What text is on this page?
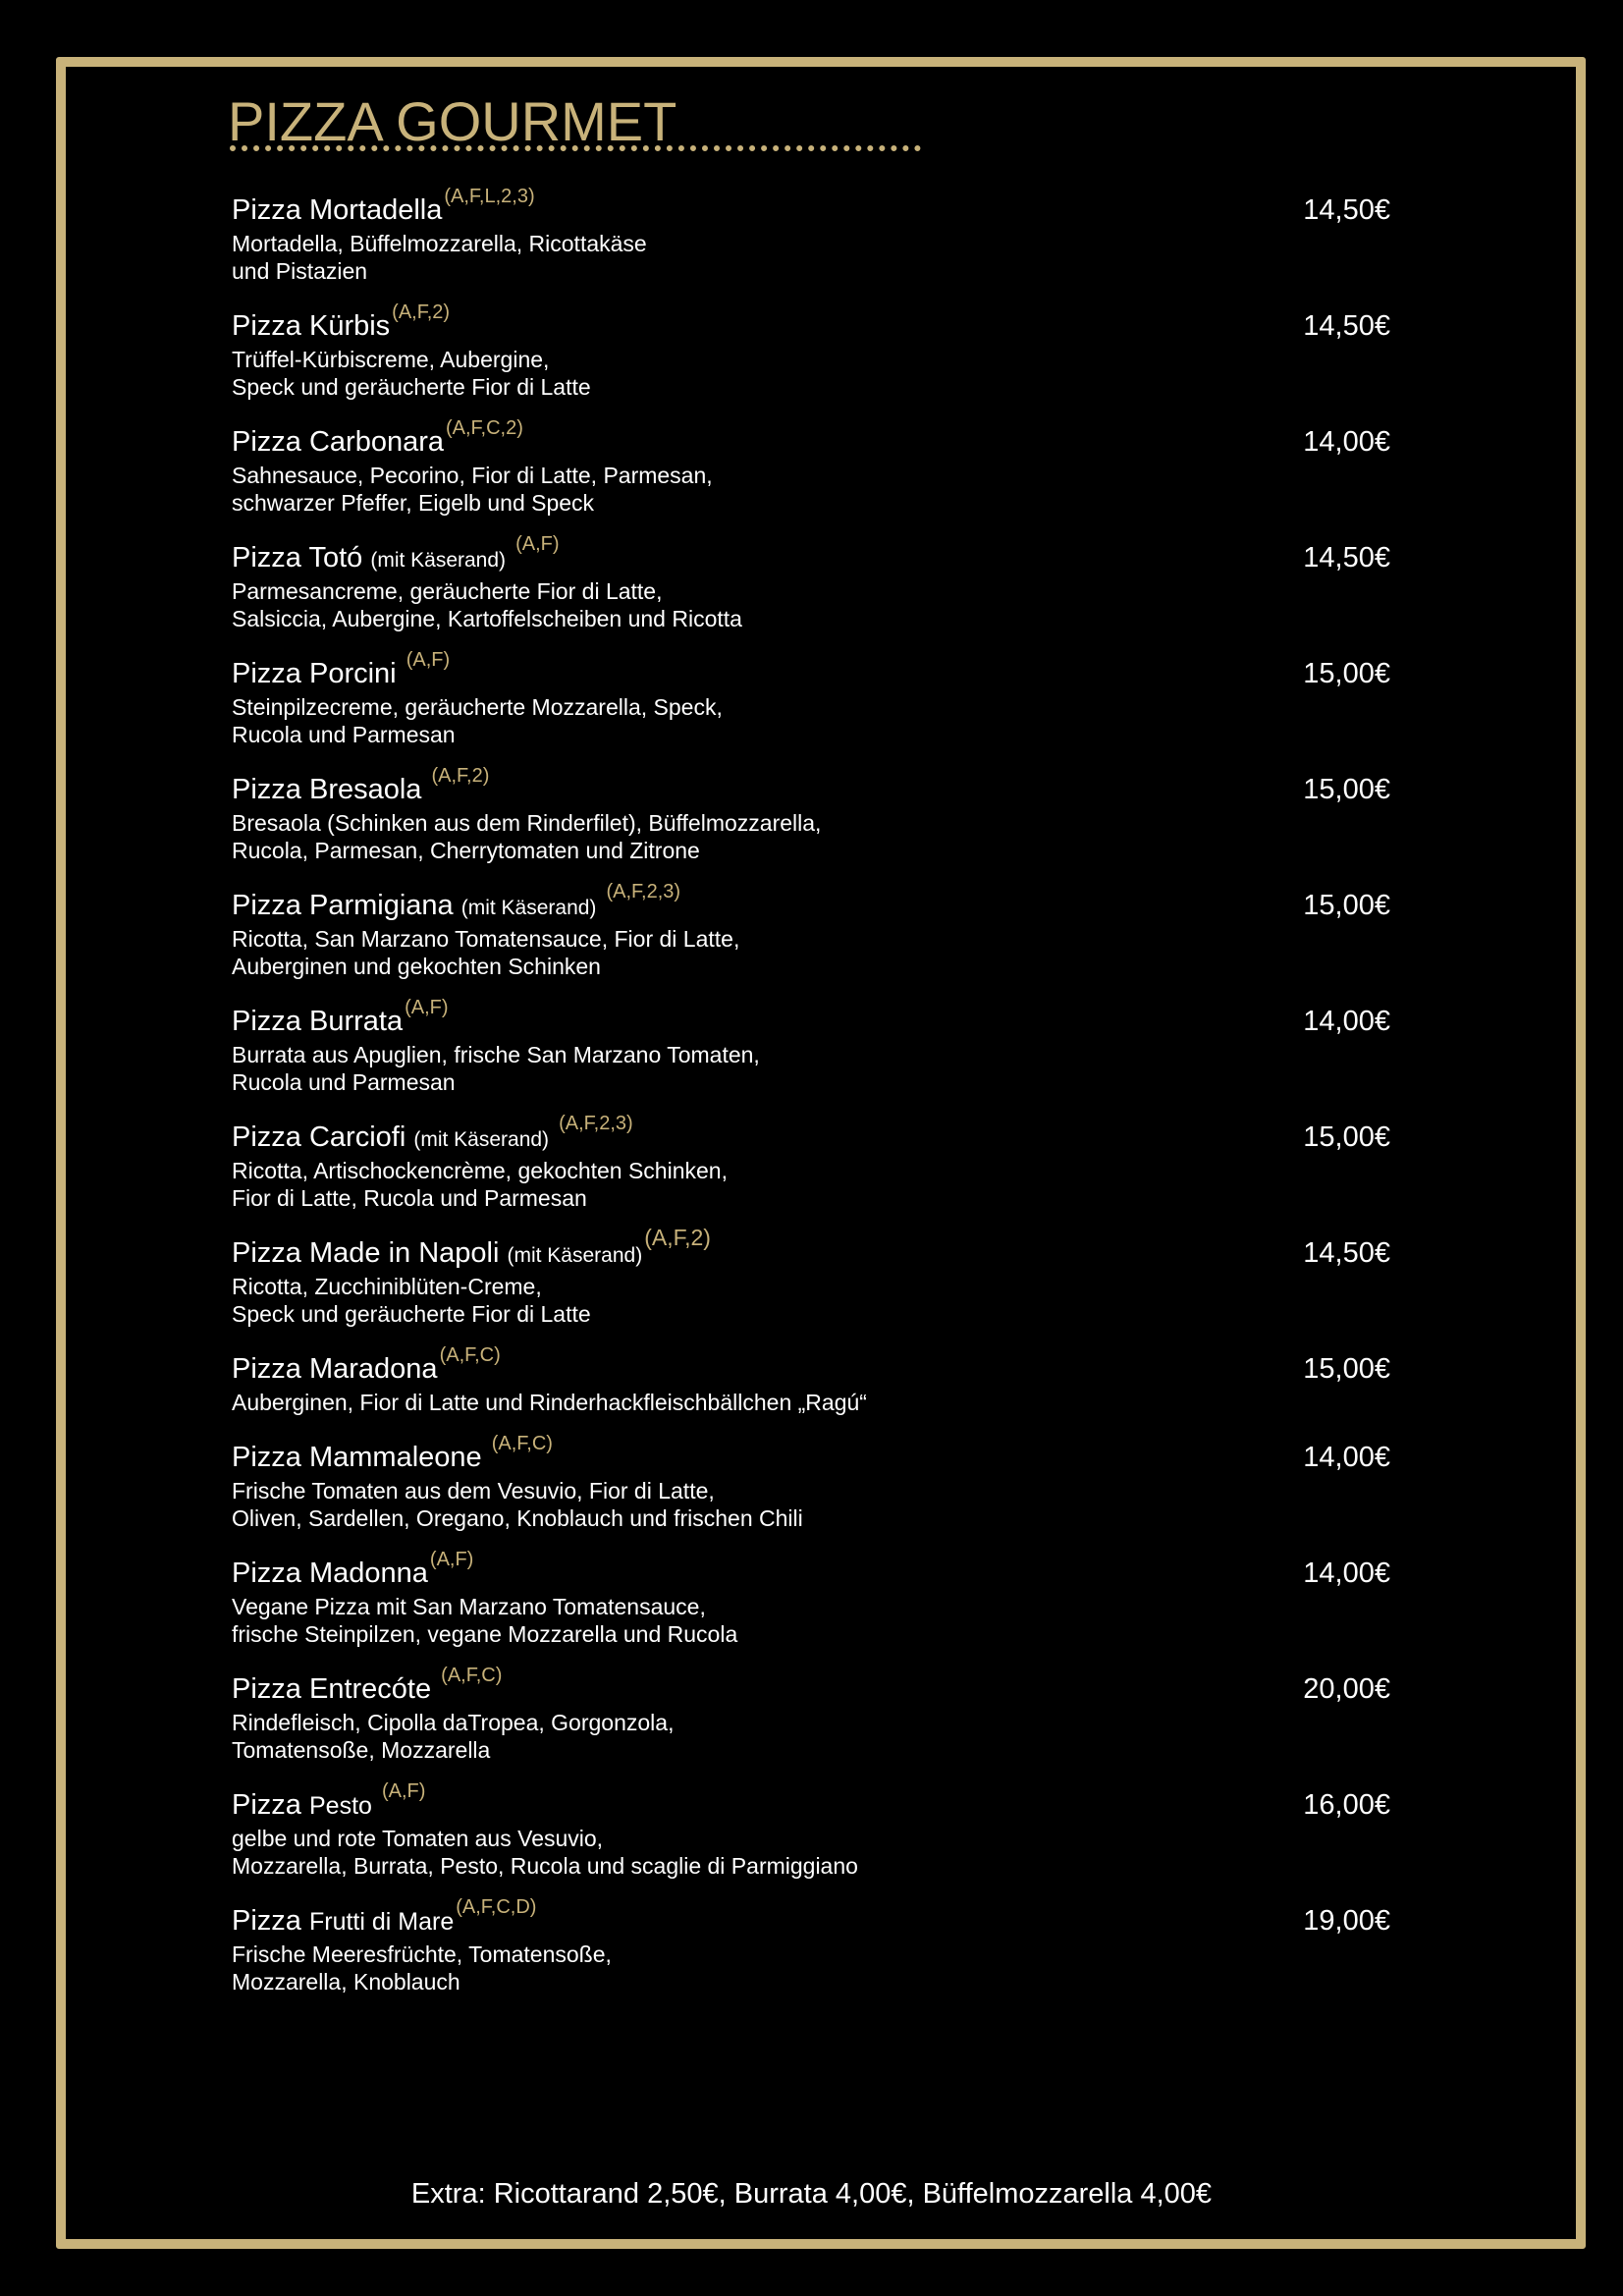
PIZZA GOURMET
Pizza Mortadella $^{(A,F,L,2,3)}$
Mortadella, Büffelmozzarella, Ricottakäse
und Pistazien
14,50€
Pizza Kürbis $^{(A,F,2)}$
Trüffel-Kürbiscreme, Aubergine,
Speck und geräucherte Fior di Latte
14,50€
Pizza Carbonara $^{(A,F,C,2)}$
Sahnesauce, Pecorino, Fior di Latte, Parmesan,
schwarzer Pfeffer, Eigelb und Speck
14,00€
Pizza Totó (mit Käserand) $^{(A,F)}$
Parmesancreme, geräucherte Fior di Latte,
Salsiccia, Aubergine, Kartoffelscheiben und Ricotta
14,50€
Pizza Porcini $^{(A,F)}$
Steinpilzecreme, geräucherte Mozzarella, Speck,
Rucola und Parmesan
15,00€
Pizza Bresaola $^{(A,F,2)}$
Bresaola (Schinken aus dem Rinderfilet), Büffelmozzarella,
Rucola, Parmesan, Cherrytomaten und Zitrone
15,00€
Pizza Parmigiana (mit Käserand) $^{(A,F,2,3)}$
Ricotta, San Marzano Tomatensauce, Fior di Latte,
Auberginen und gekochten Schinken
15,00€
Pizza Burrata $^{(A,F)}$
Burrata aus Apuglien, frische San Marzano Tomaten,
Rucola und Parmesan
14,00€
Pizza Carciofi (mit Käserand) $^{(A,F,2,3)}$
Ricotta, Artischockencrème, gekochten Schinken,
Fior di Latte, Rucola und Parmesan
15,00€
Pizza Made in Napoli (mit Käserand)$^{(A,F,2)}$
Ricotta, Zucchiniblüten-Creme,
Speck und geräucherte Fior di Latte
14,50€
Pizza Maradona $^{(A,F,C)}$
Auberginen, Fior di Latte und Rinderhackfleischbällchen „Ragú“
15,00€
Pizza Mammaleone $^{(A,F,C)}$
Frische Tomaten aus dem Vesuvio, Fior di Latte,
Oliven, Sardellen, Oregano, Knoblauch und frischen Chili
14,00€
Pizza Madonna $^{(A,F)}$
Vegane Pizza mit San Marzano Tomatensauce,
frische Steinpilzen, vegane Mozzarella und Rucola
14,00€
Pizza Entrecóte $^{(A,F,C)}$
Rindefleisch, Cipolla daTropea, Gorgonzola,
Tomatensoße, Mozzarella
20,00€
Pizza Pesto $^{(A,F)}$
gelbe und rote Tomaten aus Vesuvio,
Mozzarella, Burrata, Pesto, Rucola und scaglie di Parmiggiano
16,00€
Pizza Frutti di Mare$^{(A,F,C,D)}$
Frische Meeresfrüchte, Tomatensoße,
Mozzarella, Knoblauch
19,00€
Extra: Ricottarand 2,50€, Burrata 4,00€, Büffelmozzarella 4,00€
